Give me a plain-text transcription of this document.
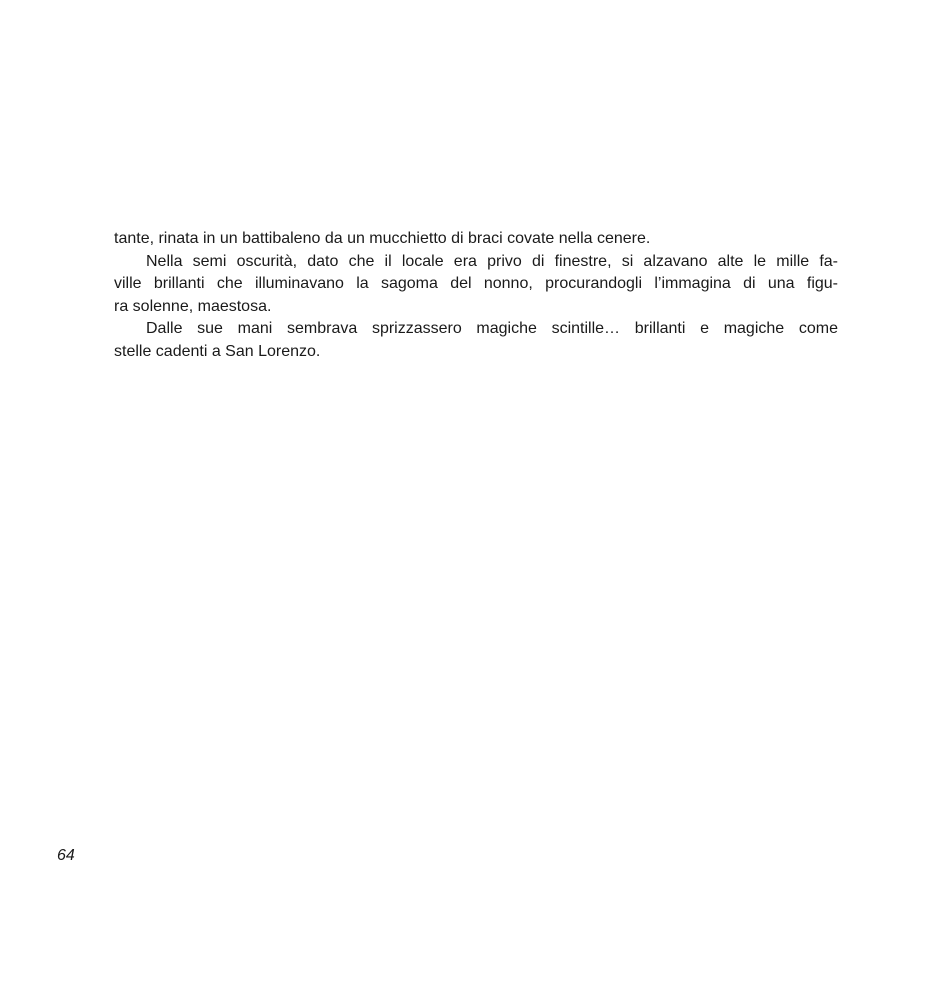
tante, rinata in un battibaleno da un mucchietto di braci covate nella cenere.
Nella semi oscurità, dato che il locale era privo di finestre, si alzavano alte le mille fa-
ville brillanti che illuminavano la sagoma del nonno, procurandogli l’immagina di una figu-
ra solenne, maestosa.
Dalle sue mani sembrava sprizzassero magiche scintille… brillanti e magiche come
stelle cadenti a San Lorenzo.
64
